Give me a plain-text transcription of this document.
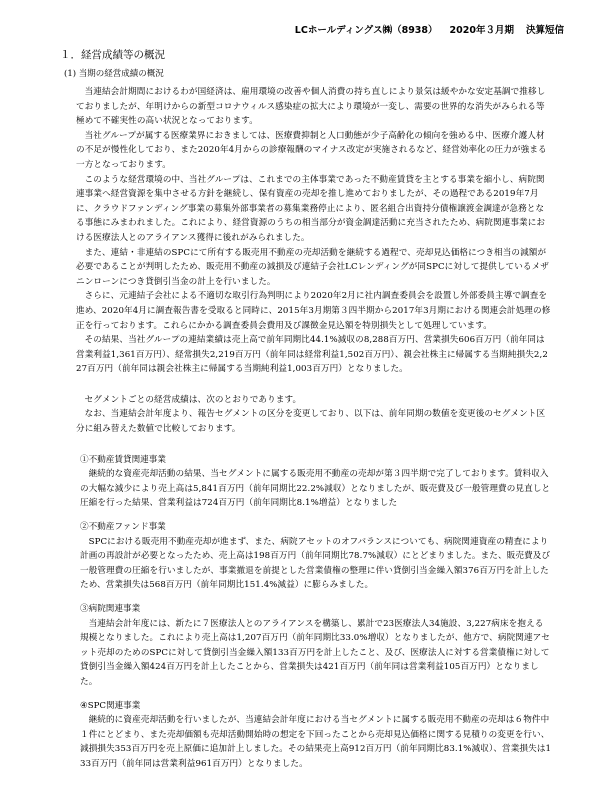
LCホールディングス㈱（8938） 2020年３月期 決算短信
１．経営成績等の概況
(1) 当期の経営成績の概況

当連結会計期間におけるわが国経済は、雇用環境の改善や個人消費の持ち直しにより景気は緩やかな安定基調で推移しておりましたが、年明けからの新型コロナウィルス感染症の拡大により環境が一変し、需要の世界的な消失がみられる等極めて不確実性の高い状況となっております。

当社グループが属する医療業界におきましては、医療費抑制と人口動態が少子高齢化の傾向を強める中、医療介護人材の不足が慢性化しており、また2020年4月からの診療報酬のマイナス改定が実施されるなど、経営効率化の圧力が強まる一方となっております。

このような経営環境の中、当社グループは、これまでの主体事業であった不動産賃貸を主とする事業を縮小し、病院関連事業へ経営資源を集中させる方針を継続し、保有資産の売却を推し進めておりましたが、その過程である2019年7月に、クラウドファンディング事業の募集外部事業者の募集業務停止により、匿名組合出資持分債権譲渡金調達が急務となる事態にみまわれました。これにより、経営資源のうちの相当部分が資金調達活動に充当されたため、病院関連事業における医療法人とのアライアンス獲得に後れがみられました。

また、連結・非連結のSPCにて所有する販売用不動産の売却活動を継続する過程で、売却見込価格につき相当の減額が必要であることが判明したため、販売用不動産の減損及び連結子会社LCレンディングが同SPCに対して提供しているメザニンローンにつき貸倒引当金の計上を行いました。

さらに、元連結子会社による不適切な取引行為判明により2020年2月に社内調査委員会を設置し外部委員主導で調査を進め、2020年4月に調査報告書を受取ると同時に、2015年3月期第３四半期から2017年3月期における関連会計処理の修正を行っております。これらにかかる調査委員会費用及び課徴金見込額を特別損失として処理しています。

その結果、当社グループの連結業績は売上高で前年同期比44.1%減収の8,288百万円、営業損失606百万円（前年同は営業利益1,361百万円）、経常損失2,219百万円（前年同は経常利益1,502百万円）、親会社株主に帰属する当期純損失2,227百万円（前年同は親会社株主に帰属する当期純利益1,003百万円）となりました。

セグメントごとの経営成績は、次のとおりであります。

なお、当連結会計年度より、報告セグメントの区分を変更しており、以下は、前年同期の数値を変更後のセグメント区分に組み替えた数値で比較しております。

①不動産賃貸関連事業

継続的な資産売却活動の結果、当セグメントに属する販売用不動産の売却が第３四半期で完了しております。賃料収入の大幅な減少により売上高は5,841百万円（前年同期比22.2%減収）となりましたが、販売費及び一般管理費の見直しと圧縮を行った結果、営業利益は724百万円（前年同期比8.1%増益）となりました

②不動産ファンド事業

SPCにおける販売用不動産売却が進まず、また、病院アセットのオフバランスについても、病院関連資産の精査により計画の再設計が必要となったため、売上高は198百万円（前年同期比78.7%減収）にとどまりました。また、販売費及び一般管理費の圧縮を行いましたが、事業撤退を前提とした営業債権の整理に伴い貸倒引当金繰入額376百万円を計上したため、営業損失は568百万円（前年同期比151.4%減益）に膨らみました。

③病院関連事業

当連結会計年度には、新たに７医療法人とのアライアンスを構築し、累計で23医療法人34施設、3,227病床を抱える規模となりました。これにより売上高は1,207百万円（前年同期比33.0%増収）となりましたが、他方で、病院関連アセット売却のためのSPCに対して貸倒引当金繰入額133百万円を計上したこと、及び、医療法人に対する営業債権に対して貸倒引当金繰入額424百万円を計上したことから、営業損失は421百万円（前年同は営業利益105百万円）となりました。

④SPC関連事業

継続的に資産売却活動を行いましたが、当連結会計年度における当セグメントに属する販売用不動産の売却は６物件中１件にとどまり、また売却価額も売却活動開始時の想定を下回ったことから売却見込価格に関する見積りの変更を行い、減損損失353百万円を売上原価に追加計上しました。その結果売上高912百万円（前年同期比83.1%減収）、営業損失は133百万円（前年同は営業利益961百万円）となりました。
